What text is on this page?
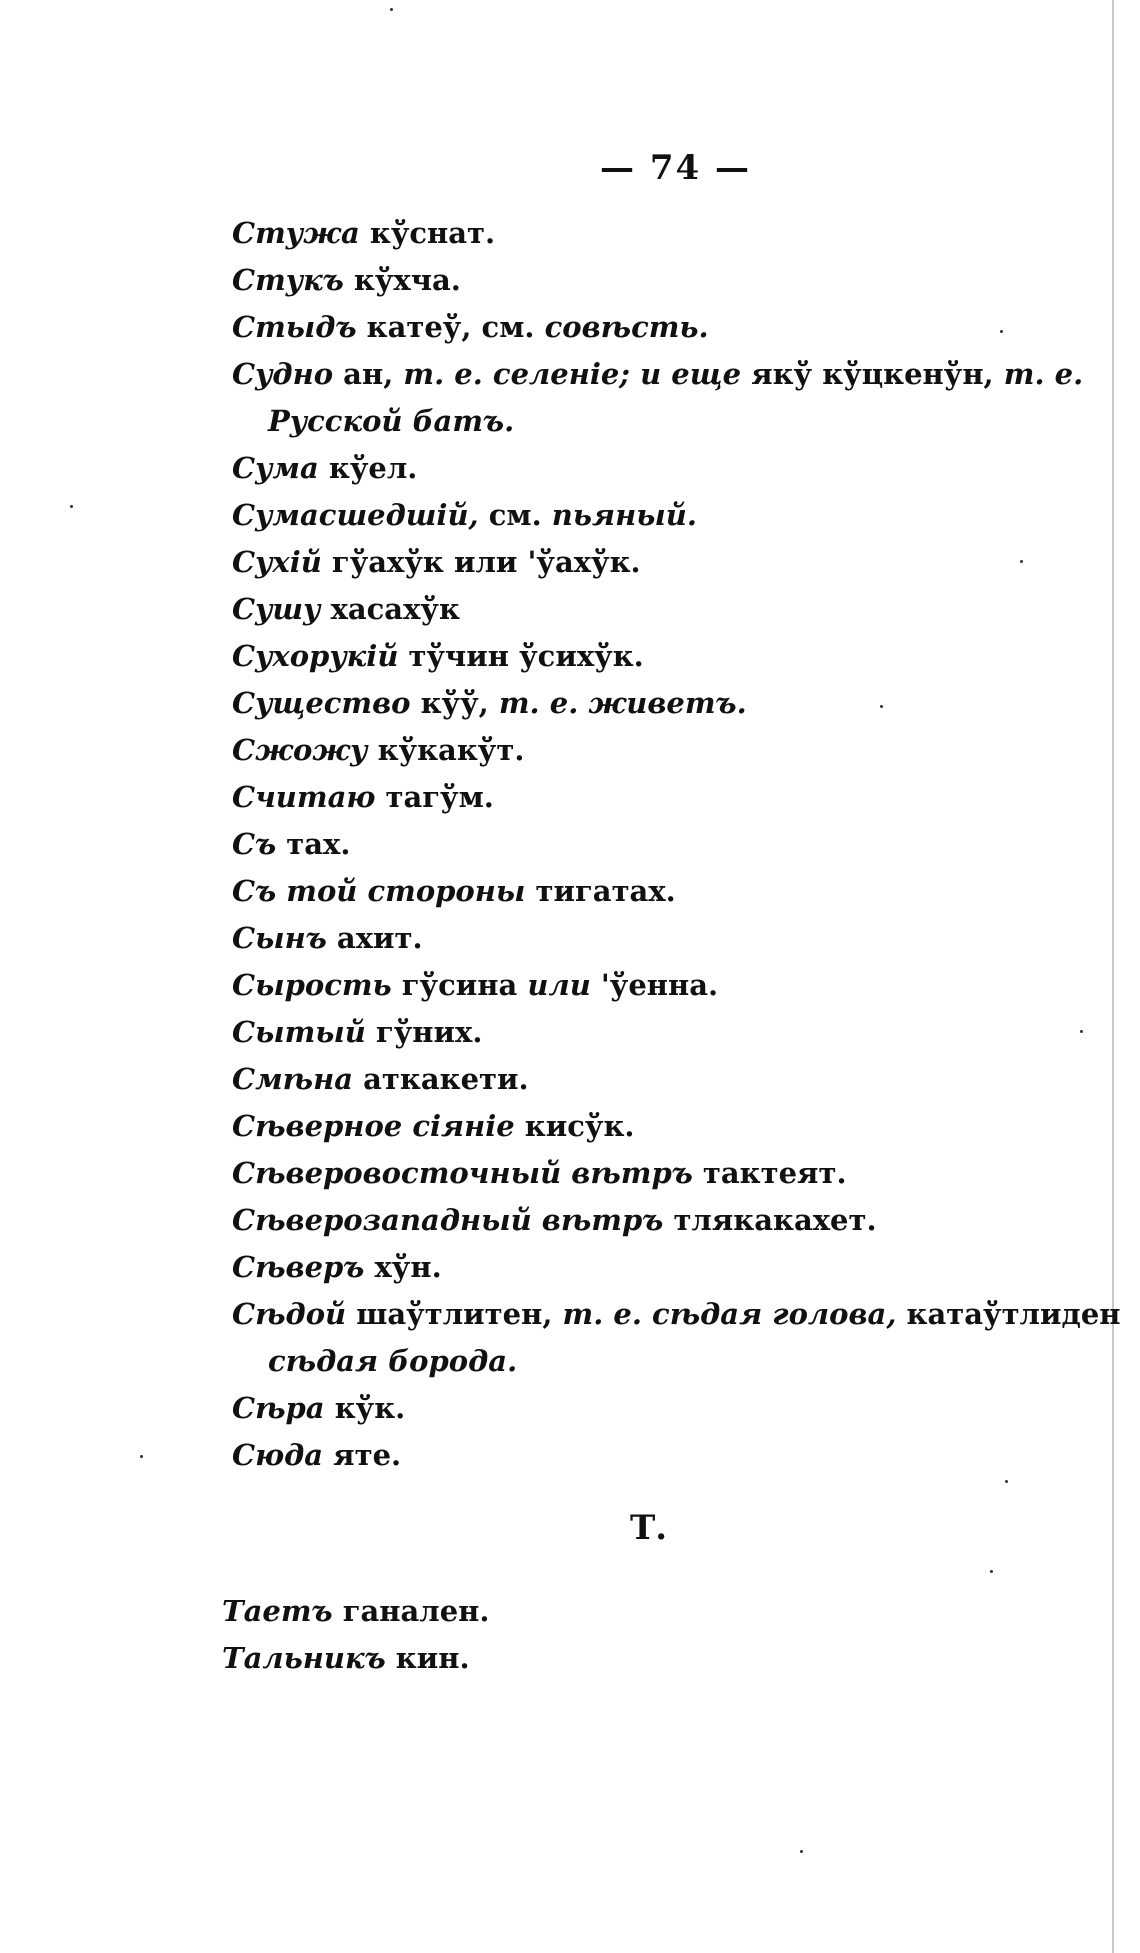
— 74 —
Стужа кўснат.
Стукъ кўхча.
Стыдъ катеў, см. совѣсть.
Судно ан, т. е. селеніе; и еще якў кўцкенўн, т. е.
Русской батъ.
Сума кўел.
Сумасшедшій, см. пьяный.
Сухій гўахўк или 'ўахўк.
Сушу хасахўк
Сухорукій тўчин ўсихўк.
Существо кўў, т. е. живетъ.
Сжожу кўкакўт.
Считаю тагўм.
Съ тах.
Съ той стороны тигатах.
Сынъ ахит.
Сырость гўсина или 'ўенна.
Сытый гўних.
Смѣна аткакети.
Сѣверное сіяніе кисўк.
Сѣверовосточный вѣтръ тактеят.
Сѣверозападный вѣтръ тлякакахет.
Сѣверъ хўн.
Сѣдой шаўтлитен, т. е. сѣдая голова, катаўтлиден
сѣдая борода.
Сѣра кўк.
Сюда яте.
Т.
Таетъ ганален.
Тальникъ кин.
